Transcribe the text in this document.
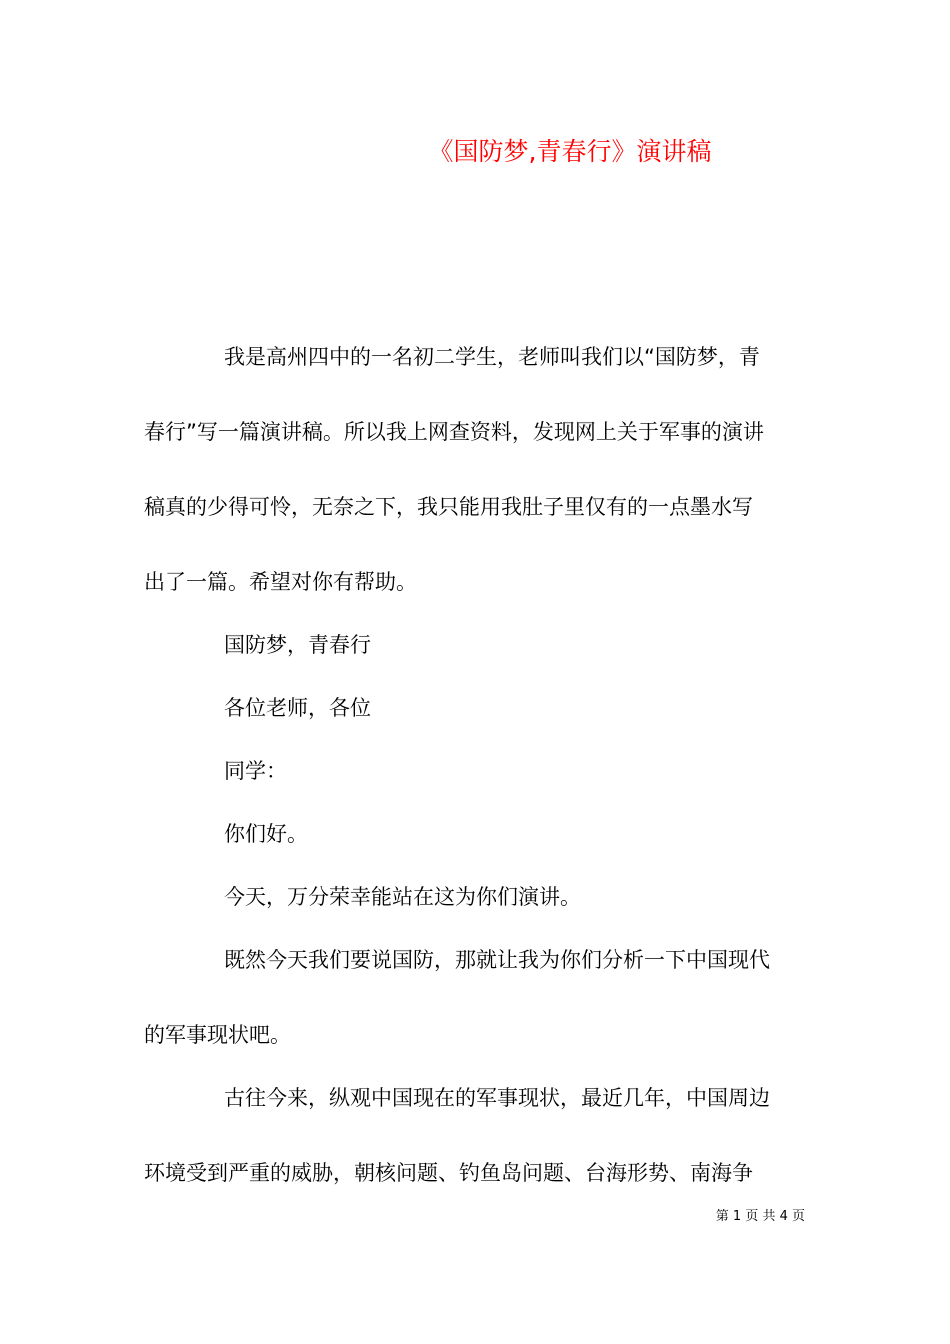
《国防梦,青春行》演讲稿

我是高州四中的一名初二学生，老师叫我们以“国防梦，青
春行”写一篇演讲稿。所以我上网查资料，发现网上关于军事的演讲
稿真的少得可怜，无奈之下，我只能用我肚子里仅有的一点墨水写
出了一篇。希望对你有帮助。

国防梦，青春行

各位老师，各位

同学：

你们好。

今天，万分荣幸能站在这为你们演讲。

既然今天我们要说国防，那就让我为你们分析一下中国现代
的军事现状吧。

古往今来，纵观中国现在的军事现状，最近几年，中国周边
环境受到严重的威胁，朝核问题、钓鱼岛问题、台海形势、南海争

第 1 页 共 4 页
